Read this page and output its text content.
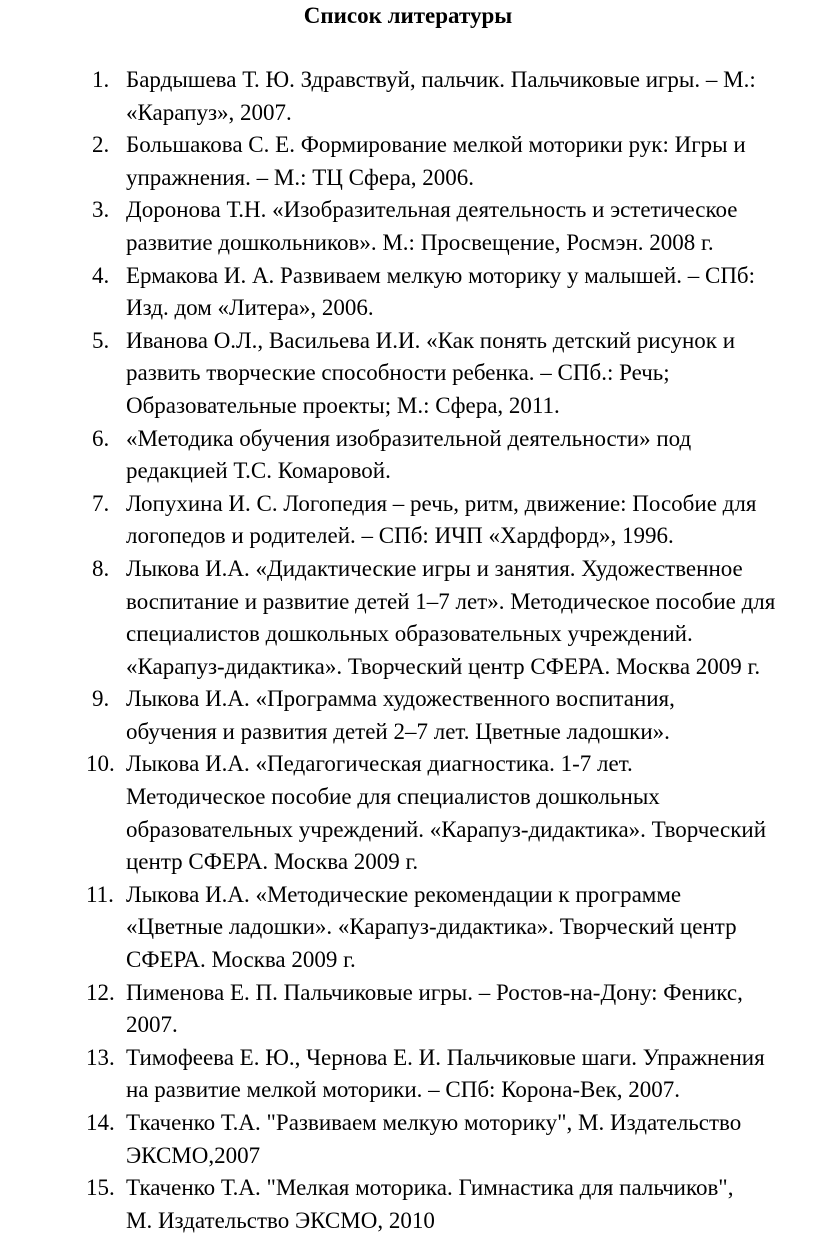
Список литературы
1. Бардышева Т. Ю. Здравствуй, пальчик. Пальчиковые игры. – М.:
«Карапуз», 2007.
2. Большакова С. Е. Формирование мелкой моторики рук: Игры и
упражнения. – М.: ТЦ Сфера, 2006.
3. Доронова Т.Н. «Изобразительная деятельность и эстетическое
развитие дошкольников». М.: Просвещение, Росмэн. 2008 г.
4. Ермакова И. А. Развиваем мелкую моторику у малышей. – СПб:
Изд. дом «Литера», 2006.
5. Иванова О.Л., Васильева И.И. «Как понять детский рисунок и
развить творческие способности ребенка. – СПб.: Речь;
Образовательные проекты; М.: Сфера, 2011.
6. «Методика обучения изобразительной деятельности» под
редакцией Т.С. Комаровой.
7. Лопухина И. С. Логопедия – речь, ритм, движение: Пособие для
логопедов и родителей. – СПб: ИЧП «Хардфорд», 1996.
8. Лыкова И.А. «Дидактические игры и занятия. Художественное
воспитание и развитие детей 1–7 лет». Методическое пособие для
специалистов дошкольных образовательных учреждений.
«Карапуз-дидактика». Творческий центр СФЕРА. Москва 2009 г.
9. Лыкова И.А. «Программа художественного воспитания,
обучения и развития детей 2–7 лет. Цветные ладошки».
10. Лыкова И.А. «Педагогическая диагностика. 1-7 лет.
Методическое пособие для специалистов дошкольных
образовательных учреждений. «Карапуз-дидактика». Творческий
центр СФЕРА. Москва 2009 г.
11. Лыкова И.А. «Методические рекомендации к программе
«Цветные ладошки». «Карапуз-дидактика». Творческий центр
СФЕРА. Москва 2009 г.
12. Пименова Е. П. Пальчиковые игры. – Ростов-на-Дону: Феникс,
2007.
13. Тимофеева Е. Ю., Чернова Е. И. Пальчиковые шаги. Упражнения
на развитие мелкой моторики. – СПб: Корона-Век, 2007.
14. Ткаченко Т.А. "Развиваем мелкую моторику", М. Издательство
ЭКСМО,2007
15. Ткаченко Т.А. "Мелкая моторика. Гимнастика для пальчиков",
М. Издательство ЭКСМО, 2010
